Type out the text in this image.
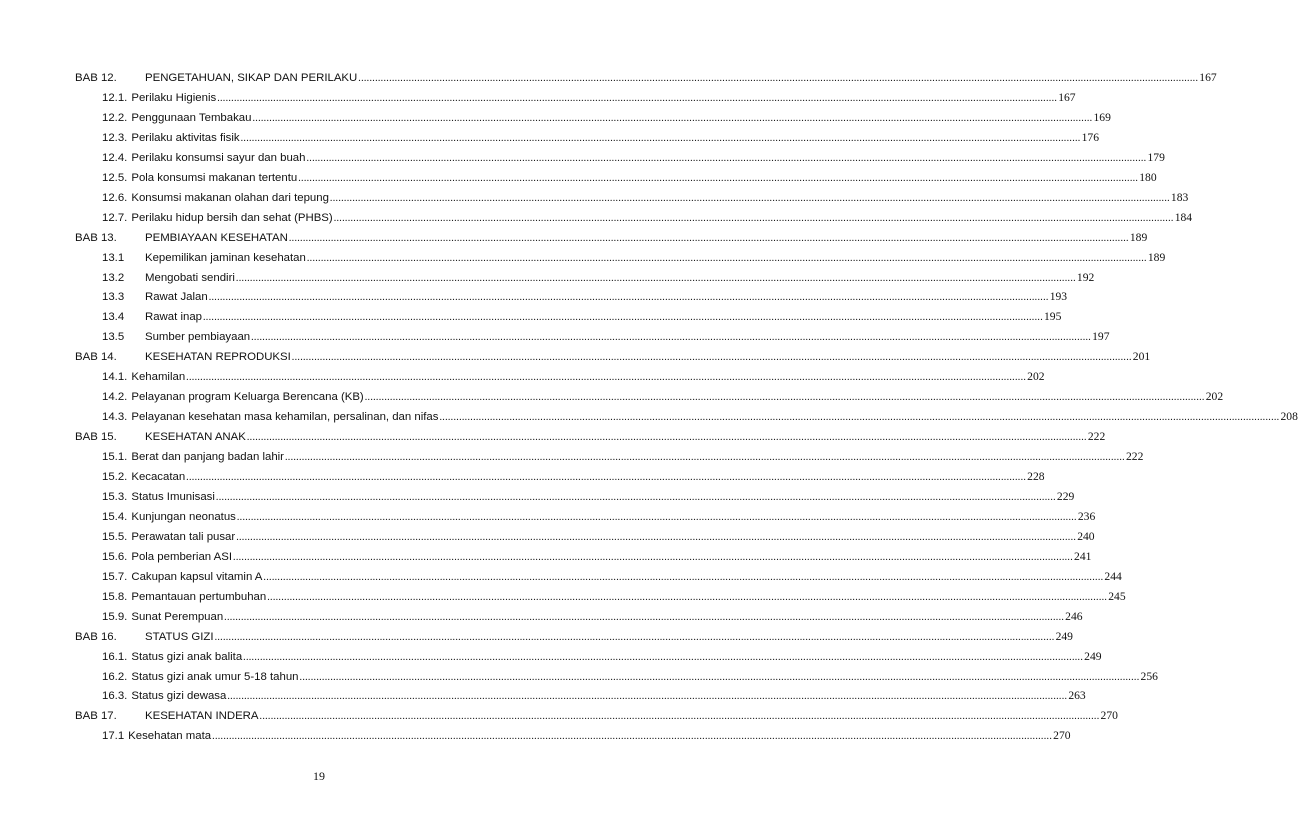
BAB 12. PENGETAHUAN, SIKAP DAN PERILAKU ............................................................................................................................................................................................................................................................................................................ 167
12.1. Perilaku Higienis ............................................................................................................................................................................................................................................................................................................ 167
12.2. Penggunaan Tembakau ............................................................................................................................................................................................................................................................................................................ 169
12.3. Perilaku aktivitas fisik ............................................................................................................................................................................................................................................................................................................ 176
12.4. Perilaku konsumsi sayur dan buah ............................................................................................................................................................................................................................................................................................................ 179
12.5. Pola konsumsi makanan tertentu ............................................................................................................................................................................................................................................................................................................ 180
12.6. Konsumsi makanan olahan dari tepung ............................................................................................................................................................................................................................................................................................................ 183
12.7. Perilaku hidup bersih dan sehat (PHBS) ............................................................................................................................................................................................................................................................................................................ 184
BAB 13. PEMBIAYAAN KESEHATAN ............................................................................................................................................................................................................................................................................................................ 189
13.1 Kepemilikan jaminan kesehatan ............................................................................................................................................................................................................................................................................................................ 189
13.2 Mengobati sendiri ............................................................................................................................................................................................................................................................................................................ 192
13.3 Rawat Jalan ............................................................................................................................................................................................................................................................................................................ 193
13.4 Rawat inap ............................................................................................................................................................................................................................................................................................................ 195
13.5 Sumber pembiayaan ............................................................................................................................................................................................................................................................................................................ 197
BAB 14. KESEHATAN REPRODUKSI ............................................................................................................................................................................................................................................................................................................ 201
14.1. Kehamilan ............................................................................................................................................................................................................................................................................................................ 202
14.2. Pelayanan program Keluarga Berencana (KB) ............................................................................................................................................................................................................................................................................................................ 202
14.3. Pelayanan kesehatan masa kehamilan, persalinan, dan nifas ............................................................................................................................................................................................................................................................................................................ 208
BAB 15. KESEHATAN ANAK ............................................................................................................................................................................................................................................................................................................ 222
15.1. Berat dan panjang badan lahir ............................................................................................................................................................................................................................................................................................................ 222
15.2. Kecacatan ............................................................................................................................................................................................................................................................................................................ 228
15.3. Status Imunisasi ............................................................................................................................................................................................................................................................................................................ 229
15.4. Kunjungan neonatus ............................................................................................................................................................................................................................................................................................................ 236
15.5. Perawatan tali pusar ............................................................................................................................................................................................................................................................................................................ 240
15.6. Pola pemberian ASI ............................................................................................................................................................................................................................................................................................................ 241
15.7. Cakupan kapsul vitamin A ............................................................................................................................................................................................................................................................................................................ 244
15.8. Pemantauan pertumbuhan ............................................................................................................................................................................................................................................................................................................ 245
15.9. Sunat Perempuan ............................................................................................................................................................................................................................................................................................................ 246
BAB 16. STATUS GIZI ............................................................................................................................................................................................................................................................................................................ 249
16.1. Status gizi anak balita ............................................................................................................................................................................................................................................................................................................ 249
16.2. Status gizi anak umur 5-18 tahun ............................................................................................................................................................................................................................................................................................................ 256
16.3. Status gizi dewasa ............................................................................................................................................................................................................................................................................................................ 263
BAB 17. KESEHATAN INDERA ............................................................................................................................................................................................................................................................................................................ 270
17.1 Kesehatan mata ............................................................................................................................................................................................................................................................................................................ 270
19
